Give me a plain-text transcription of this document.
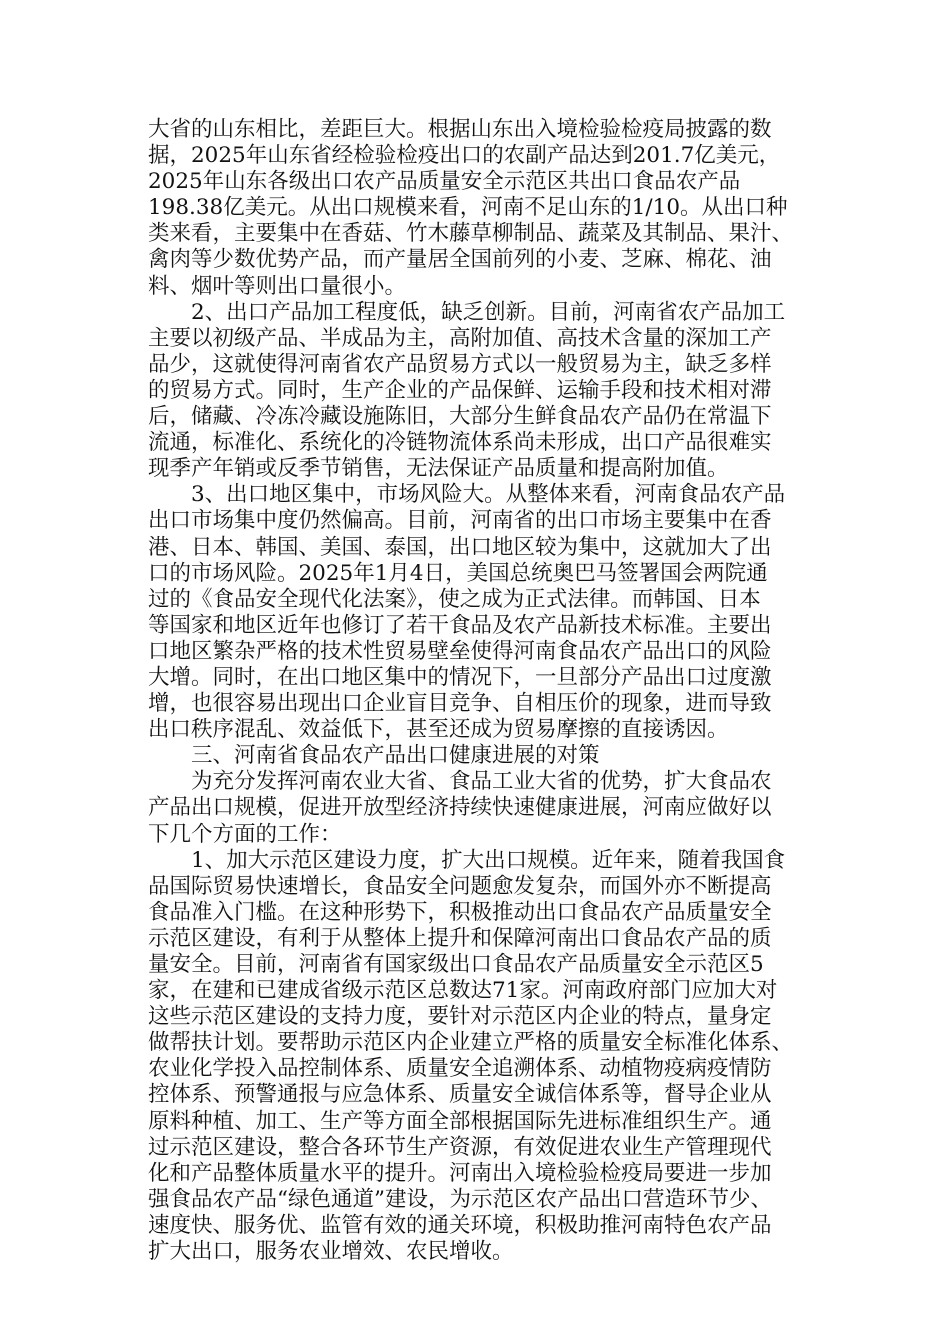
大省的山东相比，差距巨大。根据山东出入境检验检疫局披露的数
据，2025年山东省经检验检疫出口的农副产品达到201.7亿美元，
2025年山东各级出口农产品质量安全示范区共出口食品农产品
198.38亿美元。从出口规模来看，河南不足山东的1/10。从出口种
类来看，主要集中在香菇、竹木藤草柳制品、蔬菜及其制品、果汁、
禽肉等少数优势产品，而产量居全国前列的小麦、芝麻、棉花、油
料、烟叶等则出口量很小。
　　2、出口产品加工程度低，缺乏创新。目前，河南省农产品加工
主要以初级产品、半成品为主，高附加值、高技术含量的深加工产
品少，这就使得河南省农产品贸易方式以一般贸易为主，缺乏多样
的贸易方式。同时，生产企业的产品保鲜、运输手段和技术相对滞
后，储藏、冷冻冷藏设施陈旧，大部分生鲜食品农产品仍在常温下
流通，标准化、系统化的冷链物流体系尚未形成，出口产品很难实
现季产年销或反季节销售，无法保证产品质量和提高附加值。
　　3、出口地区集中，市场风险大。从整体来看，河南食品农产品
出口市场集中度仍然偏高。目前，河南省的出口市场主要集中在香
港、日本、韩国、美国、泰国，出口地区较为集中，这就加大了出
口的市场风险。2025年1月4日，美国总统奥巴马签署国会两院通
过的《食品安全现代化法案》，使之成为正式法律。而韩国、日本
等国家和地区近年也修订了若干食品及农产品新技术标准。主要出
口地区繁杂严格的技术性贸易壁垒使得河南食品农产品出口的风险
大增。同时，在出口地区集中的情况下，一旦部分产品出口过度激
增，也很容易出现出口企业盲目竞争、自相压价的现象，进而导致
出口秩序混乱、效益低下，甚至还成为贸易摩擦的直接诱因。
　　三、河南省食品农产品出口健康进展的对策
　　为充分发挥河南农业大省、食品工业大省的优势，扩大食品农
产品出口规模，促进开放型经济持续快速健康进展，河南应做好以
下几个方面的工作：
　　1、加大示范区建设力度，扩大出口规模。近年来，随着我国食
品国际贸易快速增长，食品安全问题愈发复杂，而国外亦不断提高
食品准入门槛。在这种形势下，积极推动出口食品农产品质量安全
示范区建设，有利于从整体上提升和保障河南出口食品农产品的质
量安全。目前，河南省有国家级出口食品农产品质量安全示范区5
家，在建和已建成省级示范区总数达71家。河南政府部门应加大对
这些示范区建设的支持力度，要针对示范区内企业的特点，量身定
做帮扶计划。要帮助示范区内企业建立严格的质量安全标准化体系、
农业化学投入品控制体系、质量安全追溯体系、动植物疫病疫情防
控体系、预警通报与应急体系、质量安全诚信体系等，督导企业从
原料种植、加工、生产等方面全部根据国际先进标准组织生产。通
过示范区建设，整合各环节生产资源，有效促进农业生产管理现代
化和产品整体质量水平的提升。河南出入境检验检疫局要进一步加
强食品农产品“绿色通道”建设，为示范区农产品出口营造环节少、
速度快、服务优、监管有效的通关环境，积极助推河南特色农产品
扩大出口，服务农业增效、农民增收。
